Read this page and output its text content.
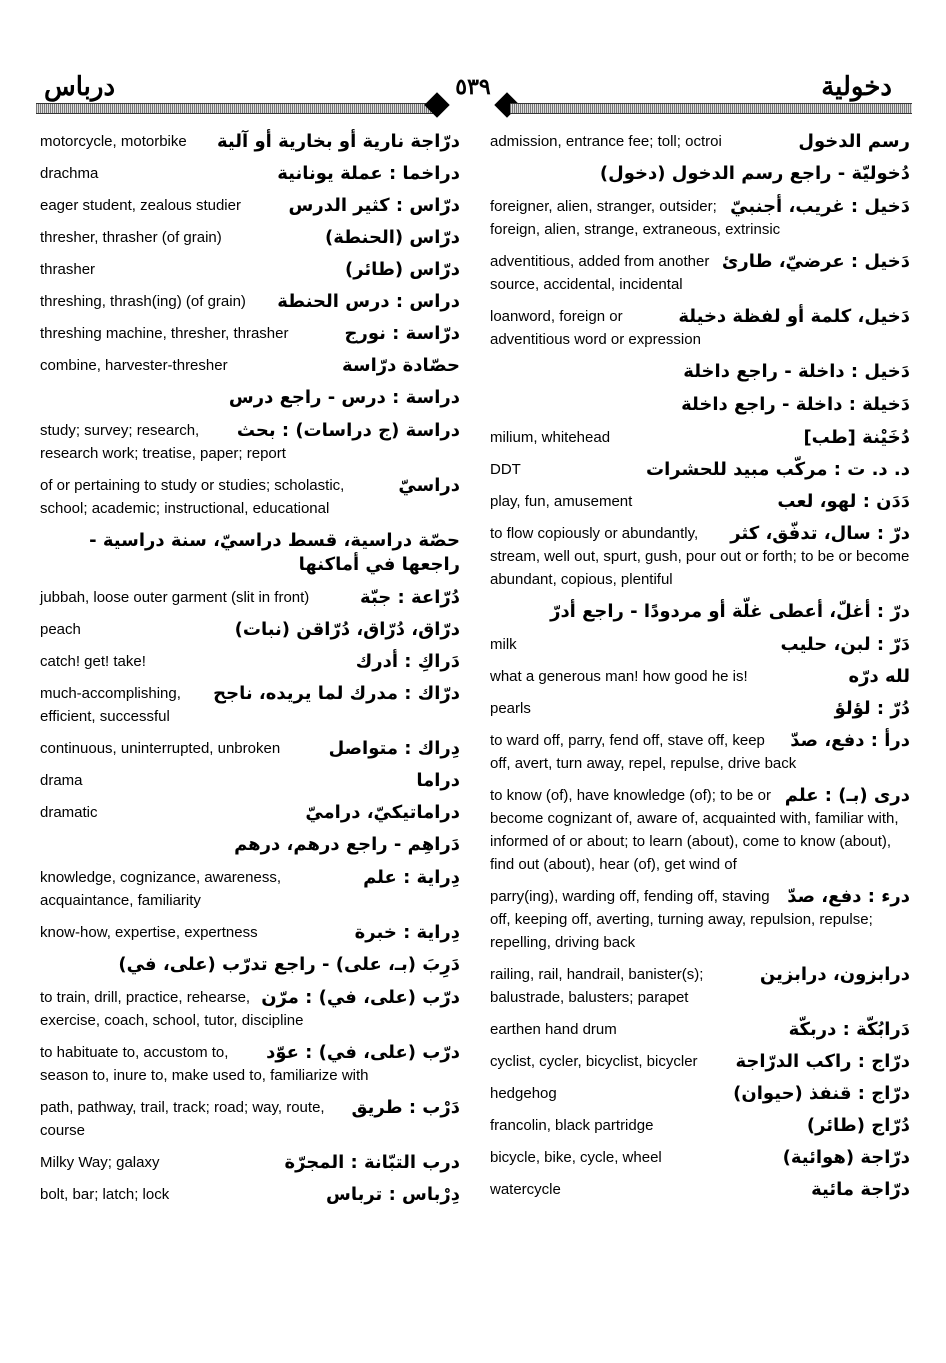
درباس	٥٣٩	دخولية
درّاجة نارية أو بخارية أو آلية
motorcycle, motorbike
دراخما : عملة يونانية
drachma
درّاس : كثير الدرس
eager student, zealous studier
درّاس (الحنطة)
thresher, thrasher (of grain)
درّاس (طائر)
thrasher
دراس : درس الحنطة
threshing, thrash(ing) (of grain)
درّاسة : نورج
threshing machine, thresher, thrasher
حصّادة درّاسة
combine, harvester-thresher
دراسة : درس - راجع درس
دراسة (ج دراسات) : بحث
study; survey; research, research work; treatise, paper; report
دراسيّ
of or pertaining to study or studies; scholastic, school; academic; instructional, educational
حصّة دراسية، قسط دراسيّ، سنة دراسية - راجعها في أماكنها
دُرّاعة : جبّة
jubbah, loose outer garment (slit in front)
درّاق، دُرّاق، دُرّاقن (نبات)
peach
دَراكِ : أدرك
catch! get! take!
درّاك : مدرك لما يريده، ناجح
much-accomplishing, efficient, successful
دِراك : متواصل
continuous, uninterrupted, unbroken
دراما
drama
دراماتيكيّ، دراميّ
dramatic
دَراهِم - راجع درهم، درهم
دِراية : علم
knowledge, cognizance, awareness, acquaintance, familiarity
دِراية : خبرة
know-how, expertise, expertness
دَرِبَ (بـ، على) - راجع تدرّب (على، في)
درّب (على، في) : مرّن
to train, drill, practice, rehearse, exercise, coach, school, tutor, discipline
درّب (على، في) : عوّد
to habituate to, accustom to, season to, inure to, make used to, familiarize with
دَرْب : طريق
path, pathway, trail, track; road; way, route, course
درب التبّانة : المجرّة
Milky Way; galaxy
دِرْباس : ترباس
bolt, bar; latch; lock
رسم الدخول
admission, entrance fee; toll; octroi
دُخوليّة - راجع رسم الدخول (دخول)
دَخيل : غريب، أجنبيّ
foreigner, alien, stranger, outsider; foreign, alien, strange, extraneous, extrinsic
دَخيل : عرضيّ، طارئ
adventitious, added from another source, accidental, incidental
دَخيل، كلمة أو لفظة دخيلة
loanword, foreign or adventitious word or expression
دَخيل : داخلة - راجع داخلة
دَخيلة : داخلة - راجع داخلة
دُخَيْنة [طب]
milium, whitehead
د. د. ت : مركّب مبيد للحشرات
DDT
دَدَن : لهو، لعب
play, fun, amusement
درّ : سال، تدفّق، كثر
to flow copiously or abundantly, stream, well out, spurt, gush, pour out or forth; to be or become abundant, copious, plentiful
درّ : أغلّ، أعطى غلّة أو مردودًا - راجع أدرّ
دَرّ : لبن، حليب
milk
لله درّه
what a generous man! how good he is!
دُرّ : لؤلؤ
pearls
درأ : دفع، صدّ
to ward off, parry, fend off, stave off, keep off, avert, turn away, repel, repulse, drive back
درى (بـ) : علم
to know (of), have knowledge (of); to be or become cognizant of, aware of, acquainted with, familiar with, informed of or about; to learn (about), come to know (about), find out (about), hear (of), get wind of
درء : دفع، صدّ
parry(ing), warding off, fending off, staving off, keeping off, averting, turning away, repulsion, repulse; repelling, driving back
درابزون، درابزين
railing, rail, handrail, banister(s); balustrade, balusters; parapet
دَرابُكّة : دربكّة
earthen hand drum
درّاج : راكب الدرّاجة
cyclist, cycler, bicyclist, bicycler
درّاج : قنفذ (حيوان)
hedgehog
دُرّاج (طائر)
francolin, black partridge
درّاجة (هوائية)
bicycle, bike, cycle, wheel
درّاجة مائية
watercycle
